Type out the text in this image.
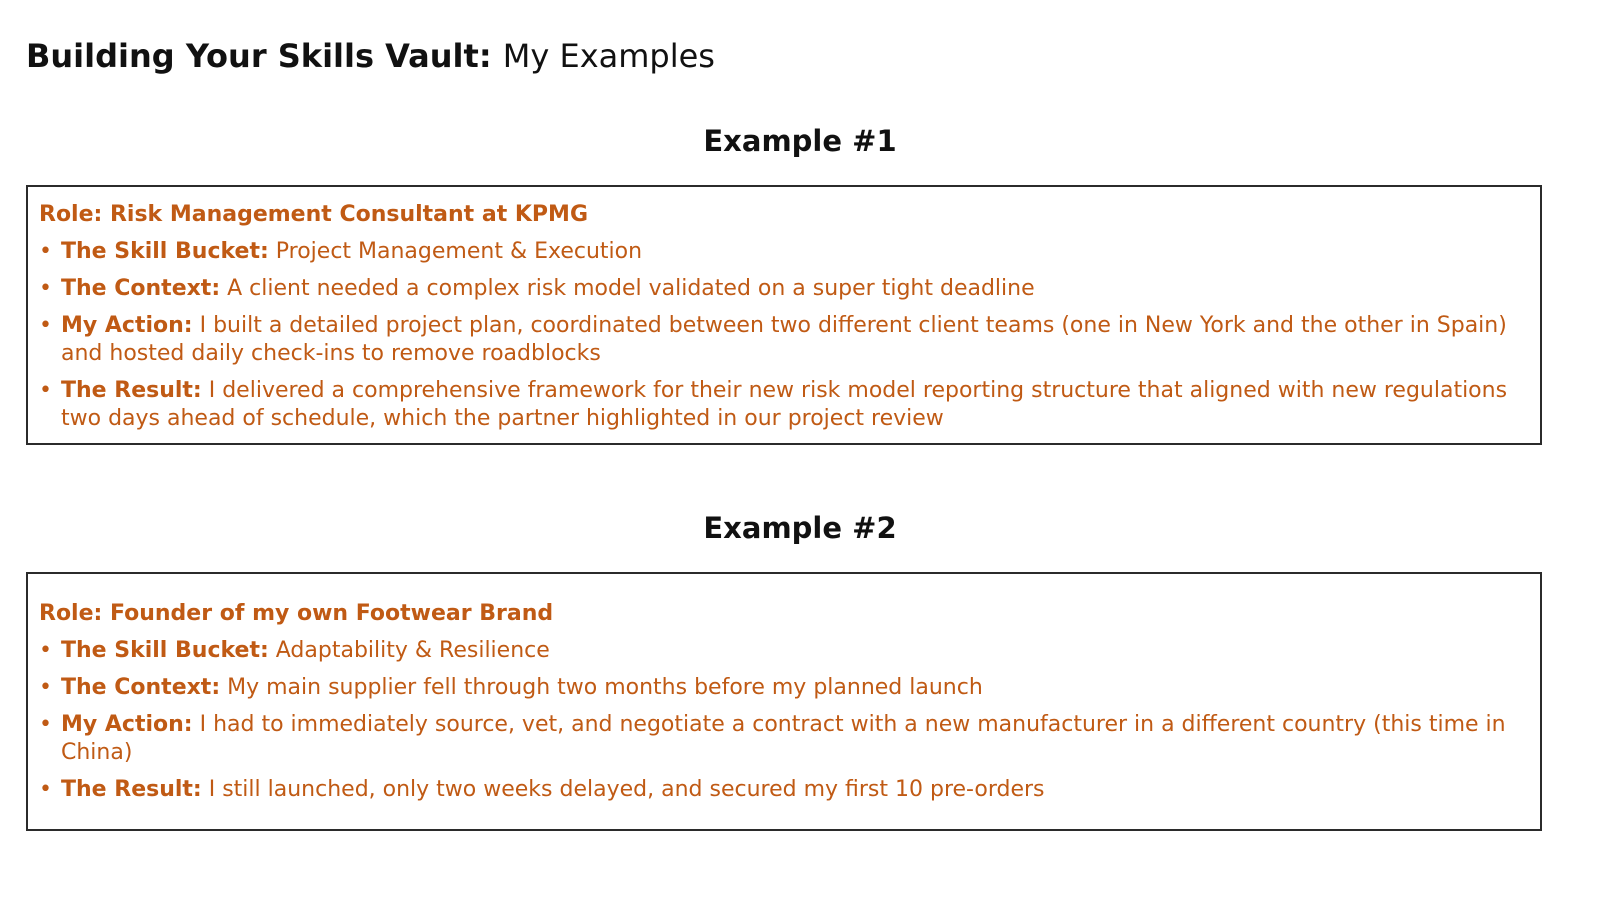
Building Your Skills Vault: My Examples
Example #1

Role: Risk Management Consultant at KPMG

• The Skill Bucket: Project Management & Execution
• The Context: A client needed a complex risk model validated on a super tight deadline
• My Action: I built a detailed project plan, coordinated between two different client teams (one in New York and the other in Spain) and hosted daily check-ins to remove roadblocks
• The Result: I delivered a comprehensive framework for their new risk model reporting structure that aligned with new regulations two days ahead of schedule, which the partner highlighted in our project review
Example #2

Role: Founder of my own Footwear Brand

• The Skill Bucket: Adaptability & Resilience
• The Context: My main supplier fell through two months before my planned launch
• My Action: I had to immediately source, vet, and negotiate a contract with a new manufacturer in a different country (this time in China)
• The Result: I still launched, only two weeks delayed, and secured my first 10 pre-orders
